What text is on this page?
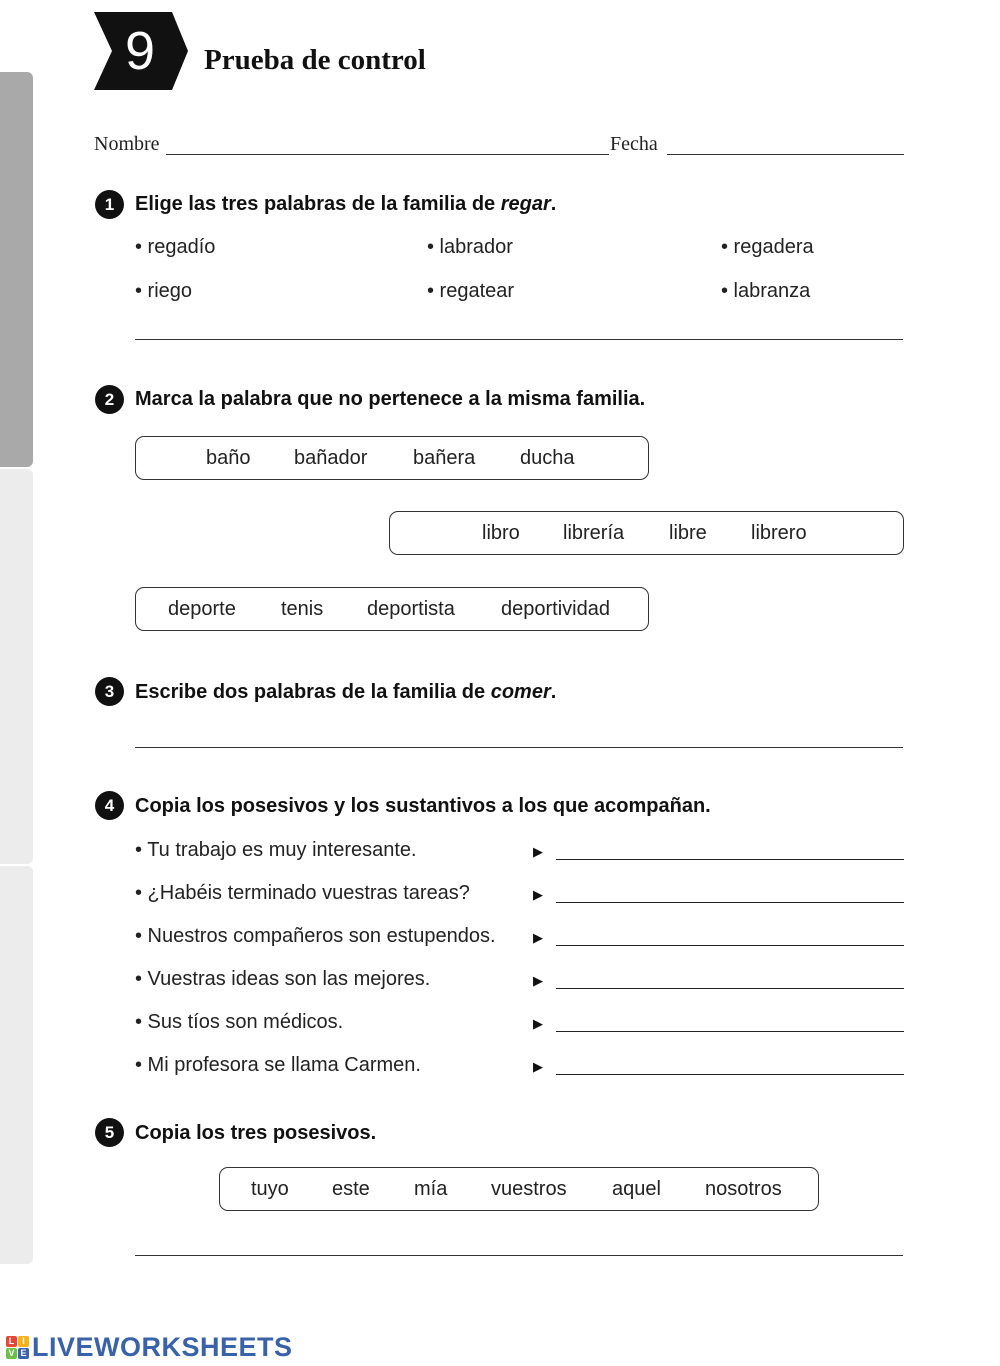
9	Prueba de control
Nombre	Fecha
1	Elige las tres palabras de la familia de regar.
• regadío	• labrador	• regadera
• riego	• regatear	• labranza
2	Marca la palabra que no pertenece a la misma familia.
baño bañador bañera ducha
libro librería libre librero
deporte tenis deportista deportividad
3	Escribe dos palabras de la familia de comer.
4	Copia los posesivos y los sustantivos a los que acompañan.
• Tu trabajo es muy interesante.	▶
• ¿Habéis terminado vuestras tareas?	▶
• Nuestros compañeros son estupendos.	▶
• Vuestras ideas son las mejores.	▶
• Sus tíos son médicos.	▶
• Mi profesora se llama Carmen.	▶
5	Copia los tres posesivos.
tuyo este mía vuestros aquel nosotros
L I
V E LIVEWORKSHEETS
